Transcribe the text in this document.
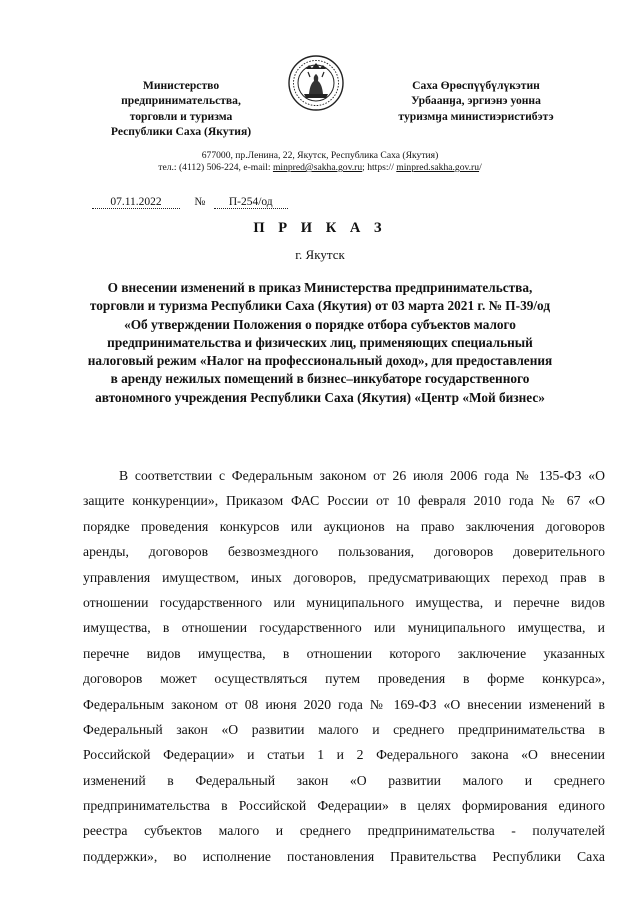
Министерство
предпринимательства,
торговли и туризма
Республики Саха (Якутия)
Саха Өрөспүүбүлүкэтин
Урбаанӈа, эргиэнэ уонна
туризмӈа министиэристибэтэ
677000, пр.Ленина, 22, Якутск, Республика Саха (Якутия)
тел.: (4112) 506-224, e-mail: minpred@sakha.gov.ru; https:// minpred.sakha.gov.ru/
07.11.2022	№ П-254/од
П Р И К А З
г. Якутск
О внесении изменений в приказ Министерства предпринимательства,
торговли и туризма Республики Саха (Якутия) от 03 марта 2021 г. № П-39/од
«Об утверждении Положения о порядке отбора субъектов малого
предпринимательства и физических лиц, применяющих специальный
налоговый режим «Налог на профессиональный доход», для предоставления
в аренду нежилых помещений в бизнес–инкубаторе государственного
автономного учреждения Республики Саха (Якутия) «Центр «Мой бизнес»
В соответствии с Федеральным законом от 26 июля 2006 года № 135-ФЗ «О
защите конкуренции», Приказом ФАС России от 10 февраля 2010 года № 67 «О
порядке проведения конкурсов или аукционов на право заключения договоров
аренды, договоров безвозмездного пользования, договоров доверительного
управления имуществом, иных договоров, предусматривающих переход прав в
отношении государственного или муниципального имущества, и перечне видов
имущества, в отношении государственного или муниципального имущества, и
перечне видов имущества, в отношении которого заключение указанных
договоров может осуществляться путем проведения в форме конкурса»,
Федеральным законом от 08 июня 2020 года № 169-ФЗ «О внесении изменений в
Федеральный закон «О развитии малого и среднего предпринимательства в
Российской Федерации» и статьи 1 и 2 Федерального закона «О внесении
изменений в Федеральный закон «О развитии малого и среднего
предпринимательства в Российской Федерации» в целях формирования единого
реестра субъектов малого и среднего предпринимательства - получателей
поддержки», во исполнение постановления Правительства Республики Саха
